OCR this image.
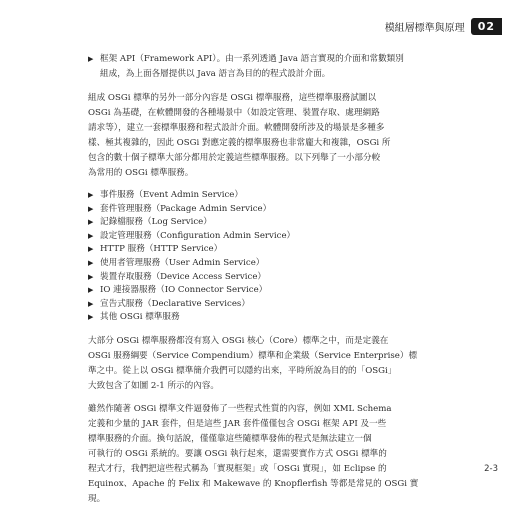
模組層標準與原理	02
▶ 框架 API（Framework API）。由一系列透過 Java 語言實現的介面和常數類別
組成，為上面各層提供以 Java 語言為目的的程式設計介面。

組成 OSGi 標準的另外一部分內容是 OSGi 標準服務，這些標準服務試圖以
OSGi 為基礎，在軟體開發的各種場景中（如設定管理、裝置存取、處理網路
請求等），建立一套標準服務和程式設計介面。軟體開發所涉及的場景是多種多
樣、極其複雜的，因此 OSGi 對應定義的標準服務也非常龐大和複雜，OSGi 所
包含的數十個子標準大部分都用於定義這些標準服務。以下列舉了一小部分較
為常用的 OSGi 標準服務。

▶ 事件服務（Event Admin Service）
▶ 套件管理服務（Package Admin Service）
▶ 記錄檔服務（Log Service）
▶ 設定管理服務（Configuration Admin Service）
▶ HTTP 服務（HTTP Service）
▶ 使用者管理服務（User Admin Service）
▶ 裝置存取服務（Device Access Service）
▶ IO 連接器服務（IO Connector Service）
▶ 宣告式服務（Declarative Services）
▶ 其他 OSGi 標準服務

大部分 OSGi 標準服務都沒有寫入 OSGi 核心（Core）標準之中，而是定義在
OSGi 服務綱要（Service Compendium）標準和企業級（Service Enterprise）標
準之中。從上以 OSGi 標準簡介我們可以隱約出來，平時所說為目的的「OSGi」
大致包含了如圖 2-1 所示的內容。

雖然作隨著 OSGi 標準文件逼發佈了一些程式性質的內容，例如 XML Schema
定義和少量的 JAR 套件，但是這些 JAR 套件僅僅包含 OSGi 框架 API 及一些
標準服務的介面。換句話說，僅僅靠這些隨標準發佈的程式是無法建立一個
可執行的 OSGi 系統的。要讓 OSGi 執行起來，還需要實作方式 OSGi 標準的
程式才行，我們把這些程式稱為「實現框架」或「OSGi 實現」，如 Eclipse 的
Equinox、Apache 的 Felix 和 Makewave 的 Knopflerfish 等都是常見的 OSGi 實
現。

2-3
